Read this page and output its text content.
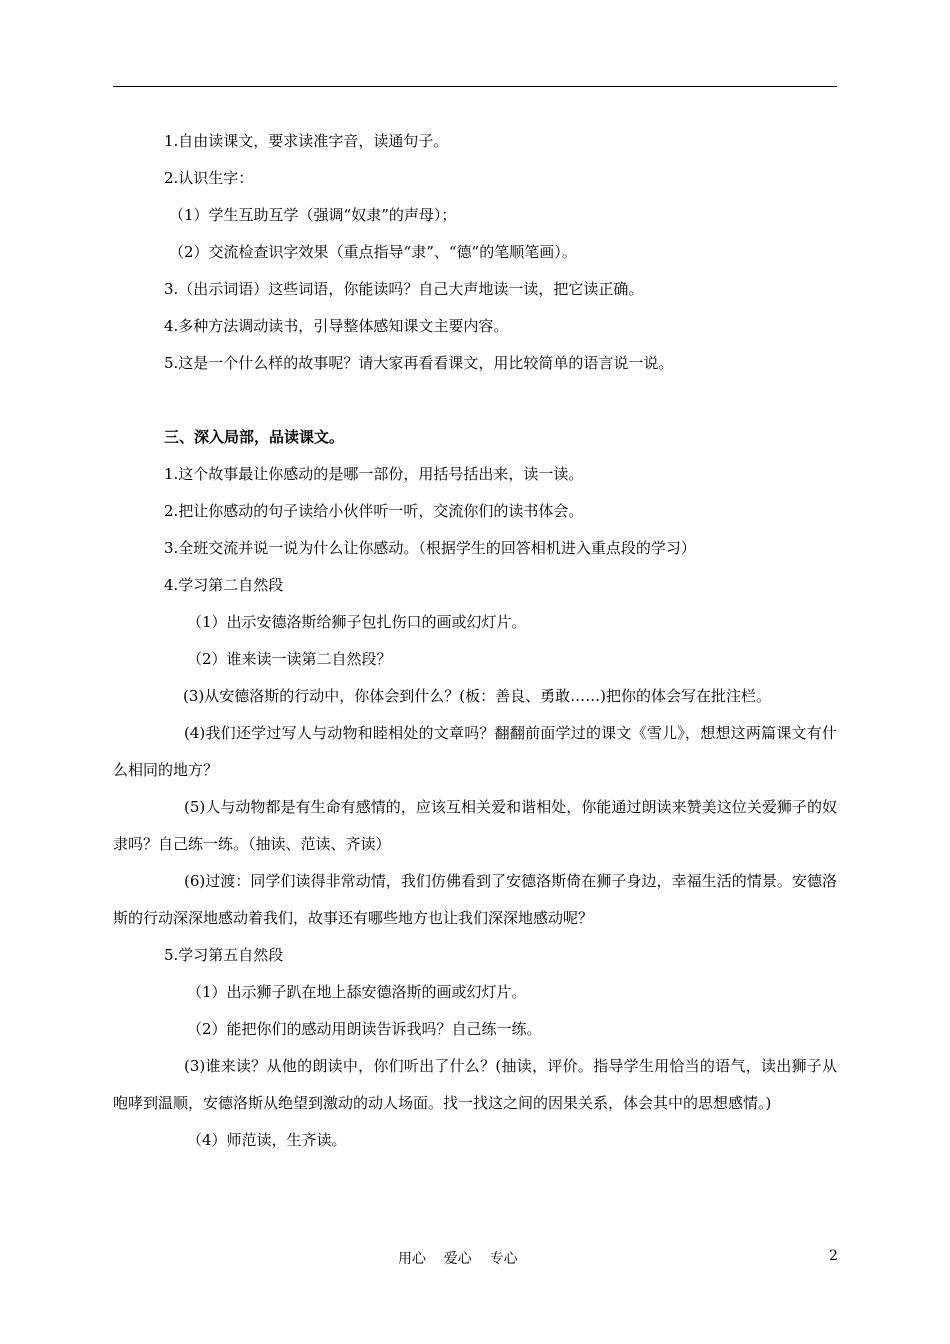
1.自由读课文，要求读准字音，读通句子。

2.认识生字：

（1）学生互助互学（强调“奴隶”的声母）；

（2）交流检查识字效果（重点指导“隶”、“德”的笔顺笔画）。

3.（出示词语）这些词语，你能读吗？自己大声地读一读，把它读正确。

4.多种方法调动读书，引导整体感知课文主要内容。

5.这是一个什么样的故事呢？请大家再看看课文，用比较简单的语言说一说。

三、深入局部，品读课文。

1.这个故事最让你感动的是哪一部份，用括号括出来，读一读。

2.把让你感动的句子读给小伙伴听一听，交流你们的读书体会。

3.全班交流并说一说为什么让你感动。（根据学生的回答相机进入重点段的学习）

4.学习第二自然段

（1）出示安德洛斯给狮子包扎伤口的画或幻灯片。

（2）谁来读一读第二自然段？

(3)从安德洛斯的行动中，你体会到什么？(板：善良、勇敢……)把你的体会写在批注栏。

(4)我们还学过写人与动物和睦相处的文章吗？翻翻前面学过的课文《雪儿》，想想这两篇课文有什么相同的地方？

(5)人与动物都是有生命有感情的，应该互相关爱和谐相处，你能通过朗读来赞美这位关爱狮子的奴隶吗？自己练一练。（抽读、范读、齐读）

(6)过渡：同学们读得非常动情，我们仿佛看到了安德洛斯倚在狮子身边，幸福生活的情景。安德洛斯的行动深深地感动着我们，故事还有哪些地方也让我们深深地感动呢？

5.学习第五自然段

（1）出示狮子趴在地上舔安德洛斯的画或幻灯片。

（2）能把你们的感动用朗读告诉我吗？自己练一练。

(3)谁来读？从他的朗读中，你们听出了什么？(抽读，评价。指导学生用恰当的语气，读出狮子从咆哮到温顺，安德洛斯从绝望到激动的动人场面。找一找这之间的因果关系，体会其中的思想感情。)

（4）师范读，生齐读。

用心    爱心    专心	2
